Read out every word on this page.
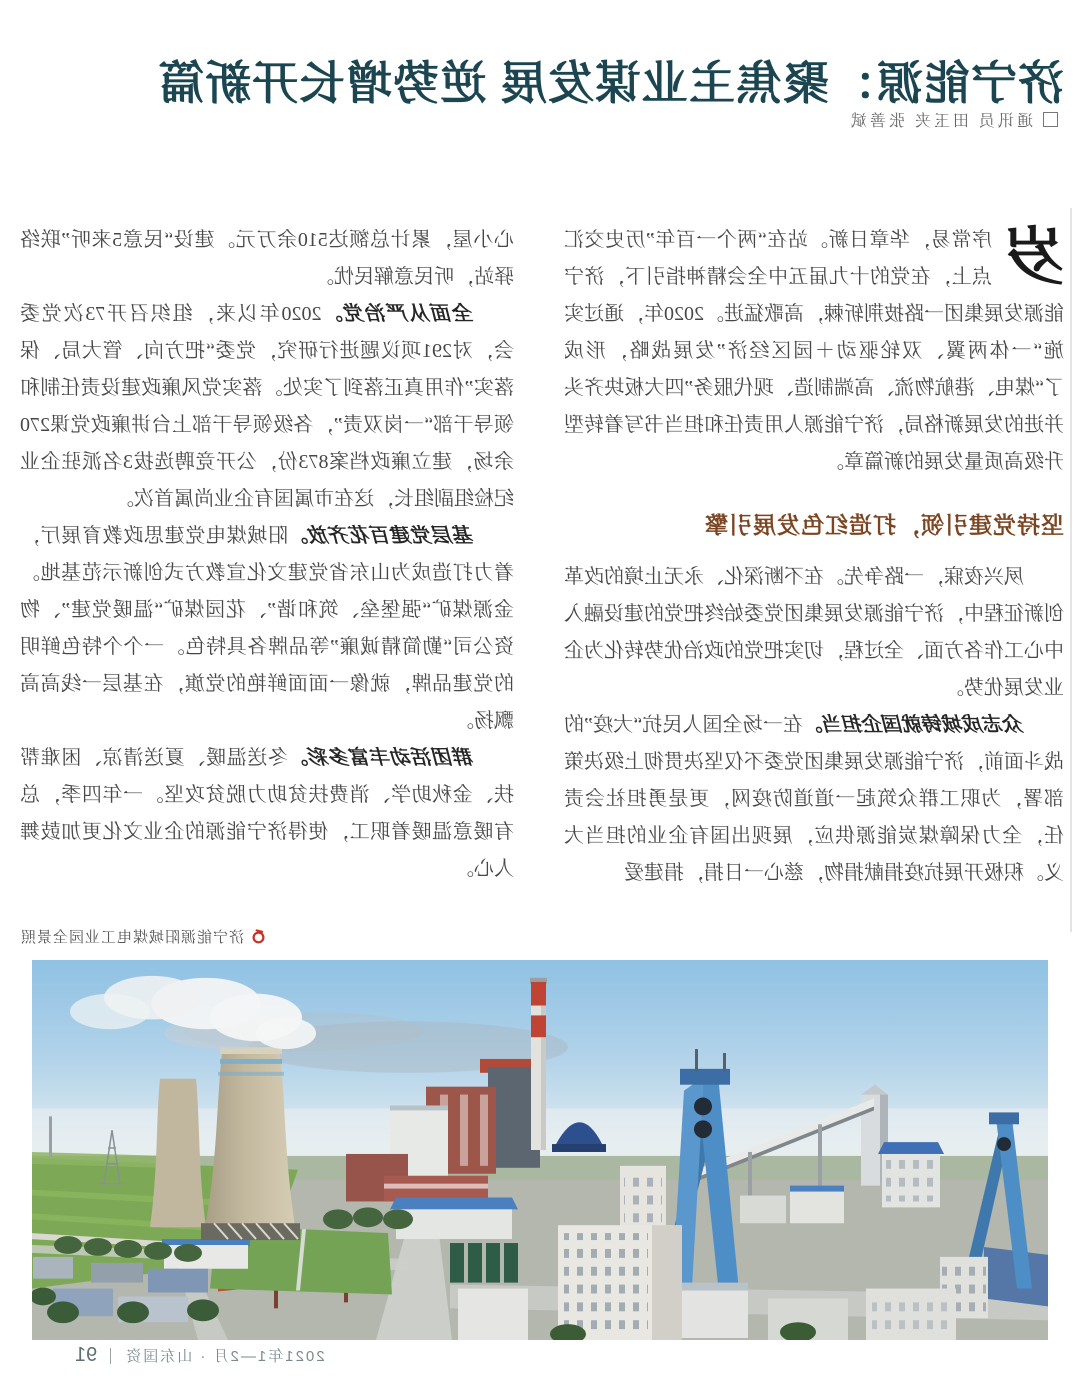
济宁能源：聚焦主业谋发展 逆势增长开新篇
通讯员 田玉夹 张善斌

岁
序常易，华章日新。站在“两个一百年”历史交汇点上，在党的十九届五中全会精神指引下，济宁能源发展集团一路披荆斩棘，高歌猛进。2020年，通过实施“一体两翼、双轮驱动＋园区经济”发展战略，形成了“煤电、港航物流、高端制造、现代服务”四大板块齐头并进的发展新格局，济宁能源人用责任和担当书写着转型升级高质量发展的新篇章。

坚持党建引领，打造红色发展引擎

夙兴夜寐，一路争先。在不断深化、永无止境的改革创新征程中，济宁能源发展集团党委始终把党的建设融入中心工作各方面、全过程，切实把党的政治优势转化为企业发展优势。

众志成城铸就国企担当。在一场全国人民抗“大疫”的战斗面前，济宁能源发展集团党委不仅坚决贯彻上级决策部署，为职工群众筑起一道道防疫网，更是勇担社会责任，全力保障煤炭能源供应，展现出国有企业的担当大义。积极开展抗疫捐献捐物，慈心一日捐，捐建爱

心小屋，累计总额达510余万元。建设“民意5来听”联络驿站，听民意解民忧。

全面从严治党。2020年以来，组织召开73次党委会，对291项议题进行研究，党委“把方向、管大局、保落实”作用真正落到了实处。落实党风廉政建设责任制和领导干部“一岗双责”，各级领导干部上台讲廉政党课270余场，建立廉政档案873份，公开竞聘选拔3名派驻企业纪检组副组长，这在市属国有企业尚属首次。

基层党建百花齐放。阳城煤电党建思政教育展厅，着力打造成为山东省党建文化宣教方式创新示范基地。金源煤矿“强堡垒、筑和谐”、花园煤矿“温暖党建”、物资公司“勤简精诚廉”等品牌各具特色。一个个特色鲜明的党建品牌，就像一面面鲜艳的党旗，在基层一线高高飘扬。

群团活动丰富多彩。冬送温暖、夏送清凉、困难帮扶、金秋助学、消费扶贫助力脱贫攻坚。一年四季，总有暖意温暖着职工，使得济宁能源的企业文化更加鼓舞人心。

济宁能源阳城煤电工业园全景照
2021年1—2月 · 山东国资
91
